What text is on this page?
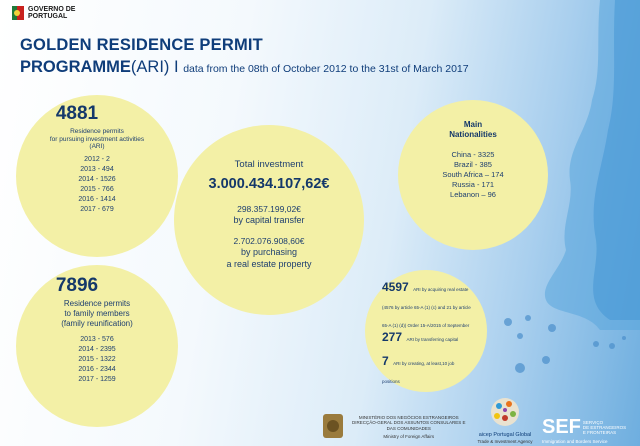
GOVERNO DE
PORTUGAL
GOLDEN RESIDENCE PERMIT
PROGRAMME(ARI) I data from the 08th of October 2012 to the 31st of March 2017
4881
Residence permits
for pursuing investment activities
(ARI)
2012 - 2
2013 - 494
2014 - 1526
2015 - 766
2016 - 1414
2017 - 679
7896
Residence permits
to family members
(family reunification)
2013 - 576
2014 - 2395
2015 - 1322
2016 - 2344
2017 - 1259
Total investment
3.000.434.107,62€
298.357.199,02€
by capital transfer
2.702.076.908,60€
by purchasing
a real estate property
Main
Nationalities
China - 3325
Brazil - 385
South Africa – 174
Russia - 171
Lebanon – 96
4597 ARI by acquiring real estate (4576 by article 65-A (1) (c) and 21 by article 65-A (1) (d)) Order 15-A/2015 of September
277 ARI by transferring capital
7 ARI by creating, at least,10 job positions
MINISTÉRIO DOS NEGÓCIOS ESTRANGEIROS
DIRECÇÃO-GERAL DOS ASSUNTOS CONSULARES E
DAS COMUNIDADES
Ministry of Foreign Affairs	aicep Portugal Global
Trade & Investment Agency
SEF SERVIÇO
DE ESTRANGEIROS
E FRONTEIRAS
Immigration and Borders Service
